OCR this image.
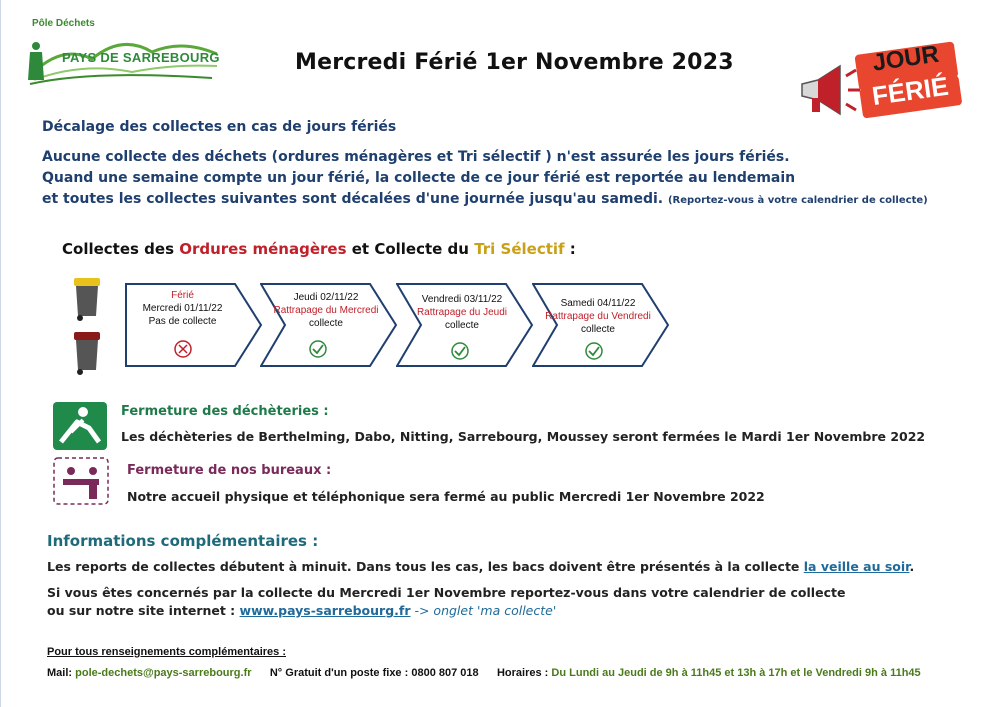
Pôle Déchets
PAYS DE SARREBOURG	Mercredi Férié 1er Novembre 2023	JOUR
FÉRIÉ
Décalage des collectes en cas de jours fériés
Aucune collecte des déchets (ordures ménagères et Tri sélectif ) n'est assurée les jours fériés.
Quand une semaine compte un jour férié, la collecte de ce jour férié est reportée au lendemain
et toutes les collectes suivantes sont décalées d'une journée jusqu'au samedi. (Reportez-vous à votre calendrier de collecte)
Collectes des Ordures ménagères et Collecte du Tri Sélectif :
Férié
Mercredi 01/11/22
Pas de collecte
Jeudi 02/11/22
Rattrapage du Mercredi
collecte
Vendredi 03/11/22
Rattrapage du Jeudi
collecte
Samedi 04/11/22
Rattrapage du Vendredi
collecte
Fermeture des déchèteries :
Les déchèteries de Berthelming, Dabo, Nitting, Sarrebourg, Moussey seront fermées le Mardi 1er Novembre 2022
Fermeture de nos bureaux :
Notre accueil physique et téléphonique sera fermé au public Mercredi 1er Novembre 2022
Informations complémentaires :
Les reports de collectes débutent à minuit. Dans tous les cas, les bacs doivent être présentés à la collecte la veille au soir.
Si vous êtes concernés par la collecte du Mercredi 1er Novembre reportez-vous dans votre calendrier de collecte
ou sur notre site internet : www.pays-sarrebourg.fr -> onglet 'ma collecte'
Pour tous renseignements complémentaires :
Mail: pole-dechets@pays-sarrebourg.fr N° Gratuit d'un poste fixe : 0800 807 018 Horaires : Du Lundi au Jeudi de 9h à 11h45 et 13h à 17h et le Vendredi 9h à 11h45
